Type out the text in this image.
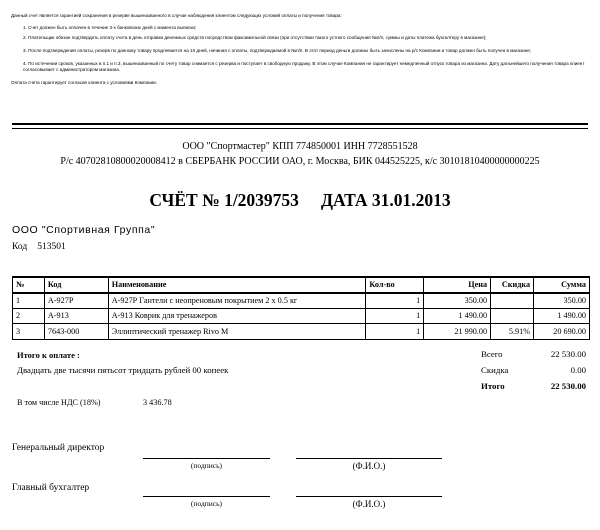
Данный счет является гарантией сохранения в резерве вышеназванного в случае наблюдения клиентом следующих условий оплаты и получения товара:

1. Счет должен быть оплачен в течение 3-х банковских дней с момента выписки;

2. Плательщик обязан подтвердить оплату счета в день отправки денежных средств посредством факсимильной связи (при отсутствии такого устного сообщения №п/п, суммы и даты платежа бухгалтеру в магазине);

3. После подтверждения оплаты, резерв по данному товару продлевается на 10 дней, начиная с оплаты, подтверждаемой в №п/п. В этот период деньги должны быть зачислены на р/с Компании и товар должен быть получен в магазине;

4. По истечении сроков, указанных в п.1 и п.3, вышеназванный по счету товар снимается с резерва и поступает в свободную продажу. В этом случае Компания не гарантирует немедленный отпуск товара из магазина. Дату дальнейшего получения товара клиент согласовывает с администратором магазина.

Оплата счета гарантирует согласие клиента с условиями Компании.

ООО "Спортмастер" КПП 774850001 ИНН 7728551528
Р/с 40702810800020008412 в СБЕРБАНК РОССИИ ОАО, г. Москва, БИК 044525225, к/с 30101810400000000225
СЧЁТ № 1/2039753 ДАТА 31.01.2013
ООО "Спортивная Группа"
Код 513501
№	Код	Наименование	Кол-во	Цена	Скидка	Сумма
1	А-927Р	А-927Р Гантели с неопреновым покрытием 2 х 0.5 кг	1	350.00		350.00
2	А-913	А-913 Коврик для тренажеров	1	1 490.00		1 490.00
3	7643-000	Эллиптический тренажер Rivo M	1	21 990.00	5.91%	20 690.00
Итого к оплате :
Двадцать две тысячи пятьсот тридцать рублей 00 копеек
Всего	22 530.00
Скидка	0.00
Итого	22 530.00
В том числе НДС (18%)	3 436.78
Генеральный директор
(подпись)	(Ф.И.О.)
Главный бухгалтер
(подпись)	(Ф.И.О.)
